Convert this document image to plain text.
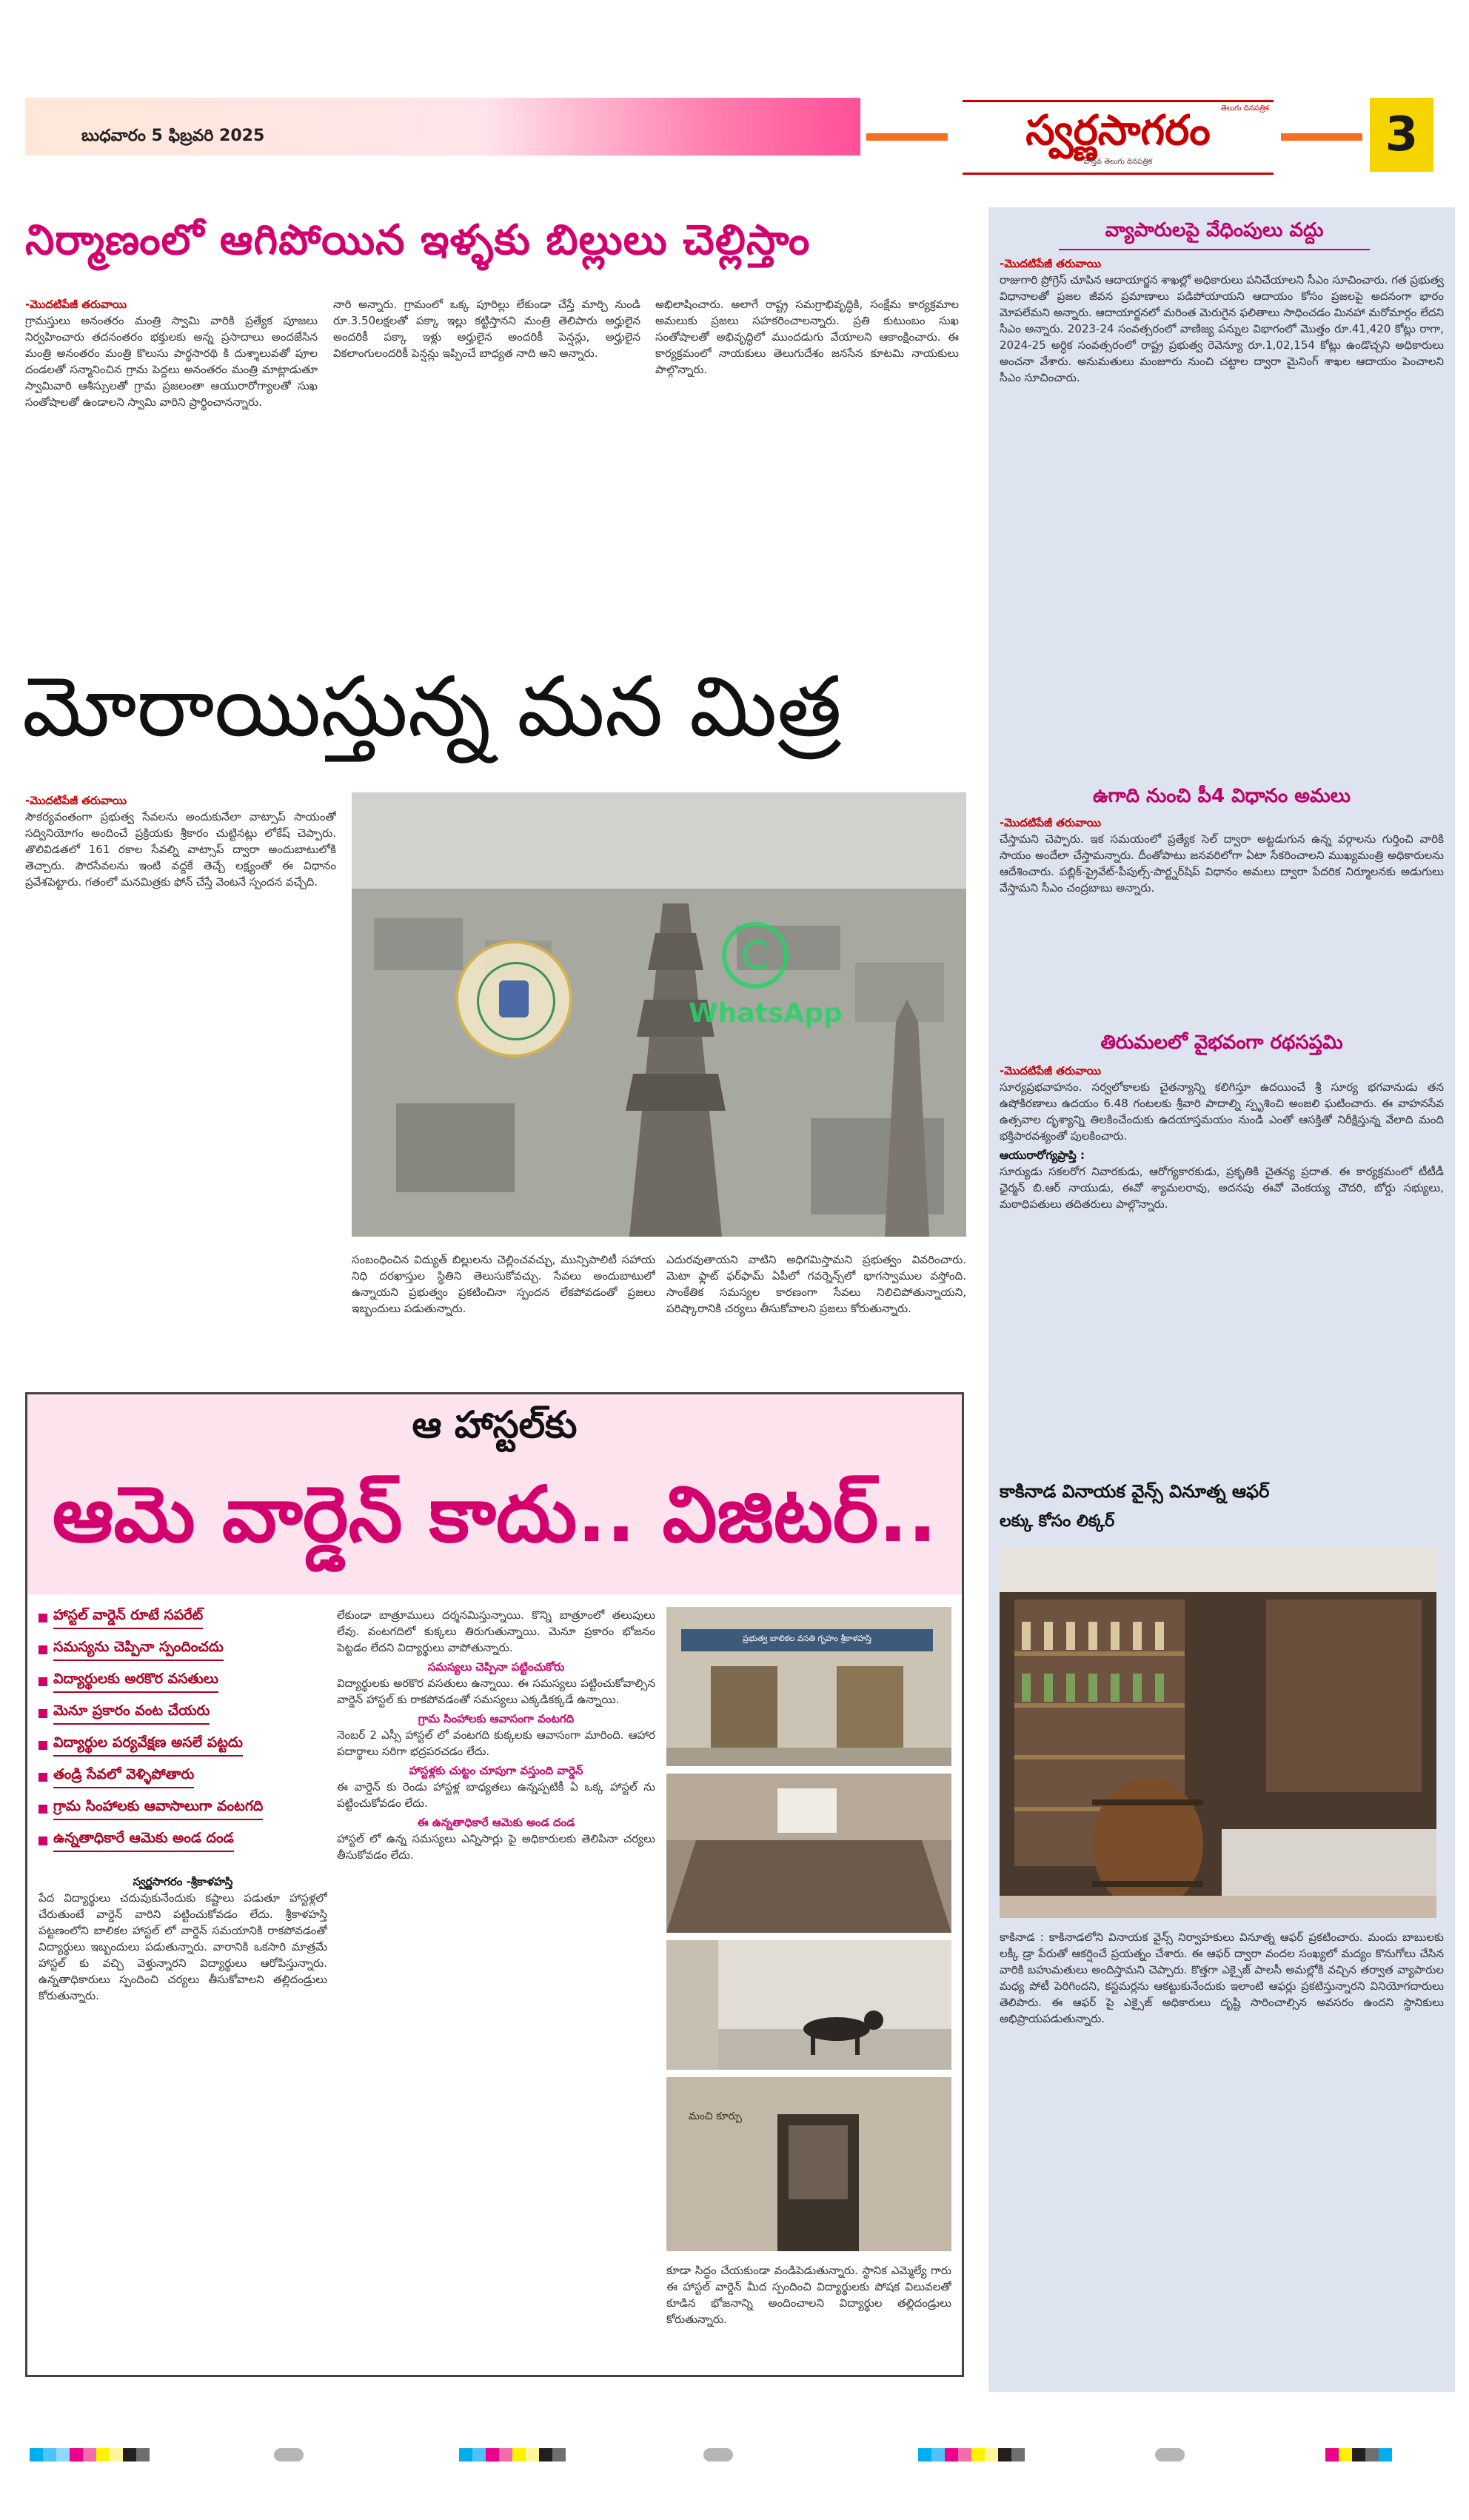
బుధవారం 5 ఫిబ్రవరి 2025
తెలుగు దినపత్రిక
స్వర్ణసాగరం
వాస్తవ తెలుగు దినపత్రిక	3
నిర్మాణంలో ఆగిపోయిన ఇళ్ళకు బిల్లులు చెల్లిస్తాం
-మొదటిపేజీ తరువాయి

గ్రామస్తులు అనంతరం మంత్రి స్వామి వారికి ప్రత్యేక పూజలు నిర్వహించారు తదనంతరం భక్తులకు అన్న ప్రసాదాలు అందజేసిన మంత్రి అనంతరం మంత్రి కొలుసు పార్థసారథి కి దుశ్శాలువతో పూల దండలతో సన్మానించిన గ్రామ పెద్దలు అనంతరం మంత్రి మాట్లాడుతూ స్వామివారి ఆశీస్సులతో గ్రామ ప్రజలంతా ఆయురారోగ్యాలతో సుఖ సంతోషాలతో ఉండాలని స్వామి వారిని ప్రార్థించానన్నారు.

నారి అన్నారు. గ్రామంలో ఒక్క పూరిల్లు లేకుండా చేస్తే మార్చి నుండి రూ.3.50లక్షలతో పక్కా ఇల్లు కట్టిస్తానని మంత్రి తెలిపారు అర్హులైన అందరికీ పక్కా ఇళ్లు అర్హులైన అందరికీ పెన్షన్లు, అర్హులైన వికలాంగులందరికీ పెన్షన్లు ఇప్పించే బాధ్యత నాది అని అన్నారు.

అభిలాషించారు. అలాగే రాష్ట్ర సమగ్రాభివృద్ధికి, సంక్షేమ కార్యక్రమాల అమలుకు ప్రజలు సహకరించాలన్నారు. ప్రతి కుటుంబం సుఖ సంతోషాలతో అభివృద్ధిలో ముందడుగు వేయాలని ఆకాంక్షించారు. ఈ కార్యక్రమంలో నాయకులు తెలుగుదేశం జనసేన కూటమి నాయకులు పాల్గొన్నారు.

మోరాయిస్తున్న మన మిత్ర
-మొదటిపేజీ తరువాయి

సౌకర్యవంతంగా ప్రభుత్వ సేవలను అందుకునేలా వాట్సాప్ సాయంతో సద్వినియోగం అందించే ప్రక్రియకు శ్రీకారం చుట్టినట్లు లోకేష్ చెప్పారు. తొలివిడతలో 161 రకాల సేవల్ని వాట్సాప్ ద్వారా అందుబాటులోకి తెచ్చారు. పౌరసేవలను ఇంటి వద్దకే తెచ్చే లక్ష్యంతో ఈ విధానం ప్రవేశపెట్టారు. గతంలో మనమిత్రకు ఫోన్ చేస్తే వెంటనే స్పందన వచ్చేది.

WhatsApp

సంబంధించిన విద్యుత్ బిల్లులను చెల్లించవచ్చు, మున్సిపాలిటీ సహాయ నిధి దరఖాస్తుల స్థితిని తెలుసుకోవచ్చు. సేవలు అందుబాటులో ఉన్నాయని ప్రభుత్వం ప్రకటించినా స్పందన లేకపోవడంతో ప్రజలు ఇబ్బందులు పడుతున్నారు.

ఎదురవుతాయని వాటిని అధిగమిస్తామని ప్రభుత్వం వివరించారు. మెటా ఫ్లాట్ ఫర్‌ఫామ్ ఏపీలో గవర్నెన్స్‌లో భాగస్వాముల వస్తోంది. సాంకేతిక సమస్యల కారణంగా సేవలు నిలిచిపోతున్నాయని, పరిష్కారానికి చర్యలు తీసుకోవాలని ప్రజలు కోరుతున్నారు.

వ్యాపారులపై వేధింపులు వద్దు
-మొదటిపేజీ తరువాయి

రాజుగారి ప్రోగ్రెస్ చూపిన ఆదాయార్జన శాఖల్లో అధికారులు పనిచేయాలని సీఎం సూచించారు. గత ప్రభుత్వ విధానాలతో ప్రజల జీవన ప్రమాణాలు పడిపోయాయని ఆదాయం కోసం ప్రజలపై అదనంగా భారం మోపలేమని అన్నారు. ఆదాయార్జనలో మరింత మెరుగైన ఫలితాలు సాధించడం మినహా మరోమార్గం లేదని సీఎం అన్నారు. 2023-24 సంవత్సరంలో వాణిజ్య పన్నుల విభాగంలో మొత్తం రూ.41,420 కోట్లు రాగా, 2024-25 అర్ధిక సంవత్సరంలో రాష్ట్ర ప్రభుత్వ రెవెన్యూ రూ.1,02,154 కోట్లు ఉండొచ్చని అధికారులు అంచనా వేశారు. అనుమతులు మంజూరు నుంచి చట్టాల ద్వారా మైనింగ్ శాఖల ఆదాయం పెంచాలని సీఎం సూచించారు.

ఉగాది నుంచి పీ4 విధానం అమలు
-మొదటిపేజీ తరువాయి

చేస్తామని చెప్పారు. ఇక సమయంలో ప్రత్యేక సెల్ ద్వారా అట్టడుగున ఉన్న వర్గాలను గుర్తించి వారికి సాయం అందేలా చేస్తామన్నారు. దీంతోపాటు జనవరిలోగా ఏటా సేకరించాలని ముఖ్యమంత్రి అధికారులను ఆదేశించారు. పబ్లిక్-ప్రైవేట్-పీపుల్స్-పార్ట్నర్‌షిప్ విధానం అమలు ద్వారా పేదరిక నిర్మూలనకు అడుగులు వేస్తామని సీఎం చంద్రబాబు అన్నారు.

తిరుమలలో వైభవంగా రథసప్తమి
-మొదటిపేజీ తరువాయి

సూర్యప్రభవాహనం. సర్వలోకాలకు చైతన్యాన్ని కలిగిస్తూ ఉదయించే శ్రీ సూర్య భగవానుడు తన ఉషోకిరణాలు ఉదయం 6.48 గంటలకు శ్రీవారి పాదాల్ని స్పృశించి అంజలి ఘటించారు. ఈ వాహనసేవ ఉత్సవాల దృశ్యాన్ని తిలకించేందుకు ఉదయాస్తమయం నుండి ఎంతో ఆసక్తితో నిరీక్షిస్తున్న వేలాది మంది భక్తిపారవశ్యంతో పులకించారు.

ఆయురారోగ్యప్రాప్తి :

సూర్యుడు సకలరోగ నివారకుడు, ఆరోగ్యకారకుడు, ప్రకృతికి చైతన్య ప్రదాత. ఈ కార్యక్రమంలో టీటీడీ ఛైర్మన్ బి.ఆర్ నాయుడు, ఈవో శ్యామలరావు, అదనపు ఈవో వెంకయ్య చౌదరి, బోర్డు సభ్యులు, మఠాధిపతులు తదితరులు పాల్గొన్నారు.

కాకినాడ వినాయక వైన్స్ వినూత్న ఆఫర్
లక్కు కోసం లిక్కర్

కాకినాడ : కాకినాడలోని వినాయక వైన్స్ నిర్వాహకులు వినూత్న ఆఫర్ ప్రకటించారు. మందు బాబులకు లక్కీ డ్రా పేరుతో ఆకర్షించే ప్రయత్నం చేశారు. ఈ ఆఫర్ ద్వారా వందల సంఖ్యలో మద్యం కొనుగోలు చేసిన వారికి బహుమతులు అందిస్తామని చెప్పారు. కొత్తగా ఎక్సైజ్ పాలసీ అమల్లోకి వచ్చిన తర్వాత వ్యాపారుల మధ్య పోటీ పెరిగిందని, కస్టమర్లను ఆకట్టుకునేందుకు ఇలాంటి ఆఫర్లు ప్రకటిస్తున్నారని వినియోగదారులు తెలిపారు. ఈ ఆఫర్ పై ఎక్సైజ్ అధికారులు దృష్టి సారించాల్సిన అవసరం ఉందని స్థానికులు అభిప్రాయపడుతున్నారు.

ఆ హాస్టల్‌కు
ఆమె వార్డెన్ కాదు.. విజిటర్..
హాస్టల్ వార్డెన్ రూటే సపరేట్
సమస్యను చెప్పినా స్పందించదు
విద్యార్థులకు అరకొర వసతులు
మెనూ ప్రకారం వంట చేయరు
విద్యార్థుల పర్యవేక్షణ అసలే పట్టదు
తండ్రి సేవలో వెళ్ళిపోతారు
గ్రామ సింహాలకు ఆవాసాలుగా వంటగది
ఉన్నతాధికారే ఆమెకు అండ దండ
స్వర్ణసాగరం -శ్రీకాళహస్తి

పేద విద్యార్థులు చదువుకునేందుకు కష్టాలు పడుతూ హాస్టళ్లలో చేరుతుంటే వార్డెన్ వారిని పట్టించుకోవడం లేదు. శ్రీకాళహస్తి పట్టణంలోని బాలికల హాస్టల్ లో వార్డెన్ సమయానికి రాకపోవడంతో విద్యార్థులు ఇబ్బందులు పడుతున్నారు. వారానికి ఒకసారి మాత్రమే హాస్టల్ కు వచ్చి వెళ్తున్నారని విద్యార్థులు ఆరోపిస్తున్నారు. ఉన్నతాధికారులు స్పందించి చర్యలు తీసుకోవాలని తల్లిదండ్రులు కోరుతున్నారు.

లేకుండా బాత్రూములు దర్శనమిస్తున్నాయి. కొన్ని బాత్రూంలో తలుపులు లేవు. వంటగదిలో కుక్కలు తిరుగుతున్నాయి. మెనూ ప్రకారం భోజనం పెట్టడం లేదని విద్యార్థులు వాపోతున్నారు.

సమస్యలు చెప్పినా పట్టించుకోరు

విద్యార్థులకు అరకొర వసతులు ఉన్నాయి. ఈ సమస్యలు పట్టించుకోవాల్సిన వార్డెన్ హాస్టల్ కు రాకపోవడంతో సమస్యలు ఎక్కడికక్కడే ఉన్నాయి.

గ్రామ సింహాలకు ఆవాసంగా వంటగది

నెంబర్ 2 ఎస్సీ హాస్టల్ లో వంటగది కుక్కలకు ఆవాసంగా మారింది. ఆహార పదార్థాలు సరిగా భద్రపరచడం లేదు.

హాస్టళ్లకు చుట్టం చూపుగా వస్తుంది వార్డెన్

ఈ వార్డెన్ కు రెండు హాస్టళ్ల బాధ్యతలు ఉన్నప్పటికీ ఏ ఒక్క హాస్టల్ ను పట్టించుకోవడం లేదు.

ఈ ఉన్నతాధికారే ఆమెకు అండ దండ

హాస్టల్ లో ఉన్న సమస్యలు ఎన్నిసార్లు పై అధికారులకు తెలిపినా చర్యలు తీసుకోవడం లేదు.

ప్రభుత్వ బాలికల వసతి గృహం శ్రీకాళహస్తి
మంచి కూర్పు

కూడా సిద్ధం చేయకుండా వండిపెడుతున్నారు. స్థానిక ఎమ్మెల్యే గారు ఈ హాస్టల్ వార్డెన్ మీద స్పందించి విద్యార్థులకు పోషక విలువలతో కూడిన భోజనాన్ని అందించాలని విద్యార్థుల తల్లిదండ్రులు కోరుతున్నారు.
